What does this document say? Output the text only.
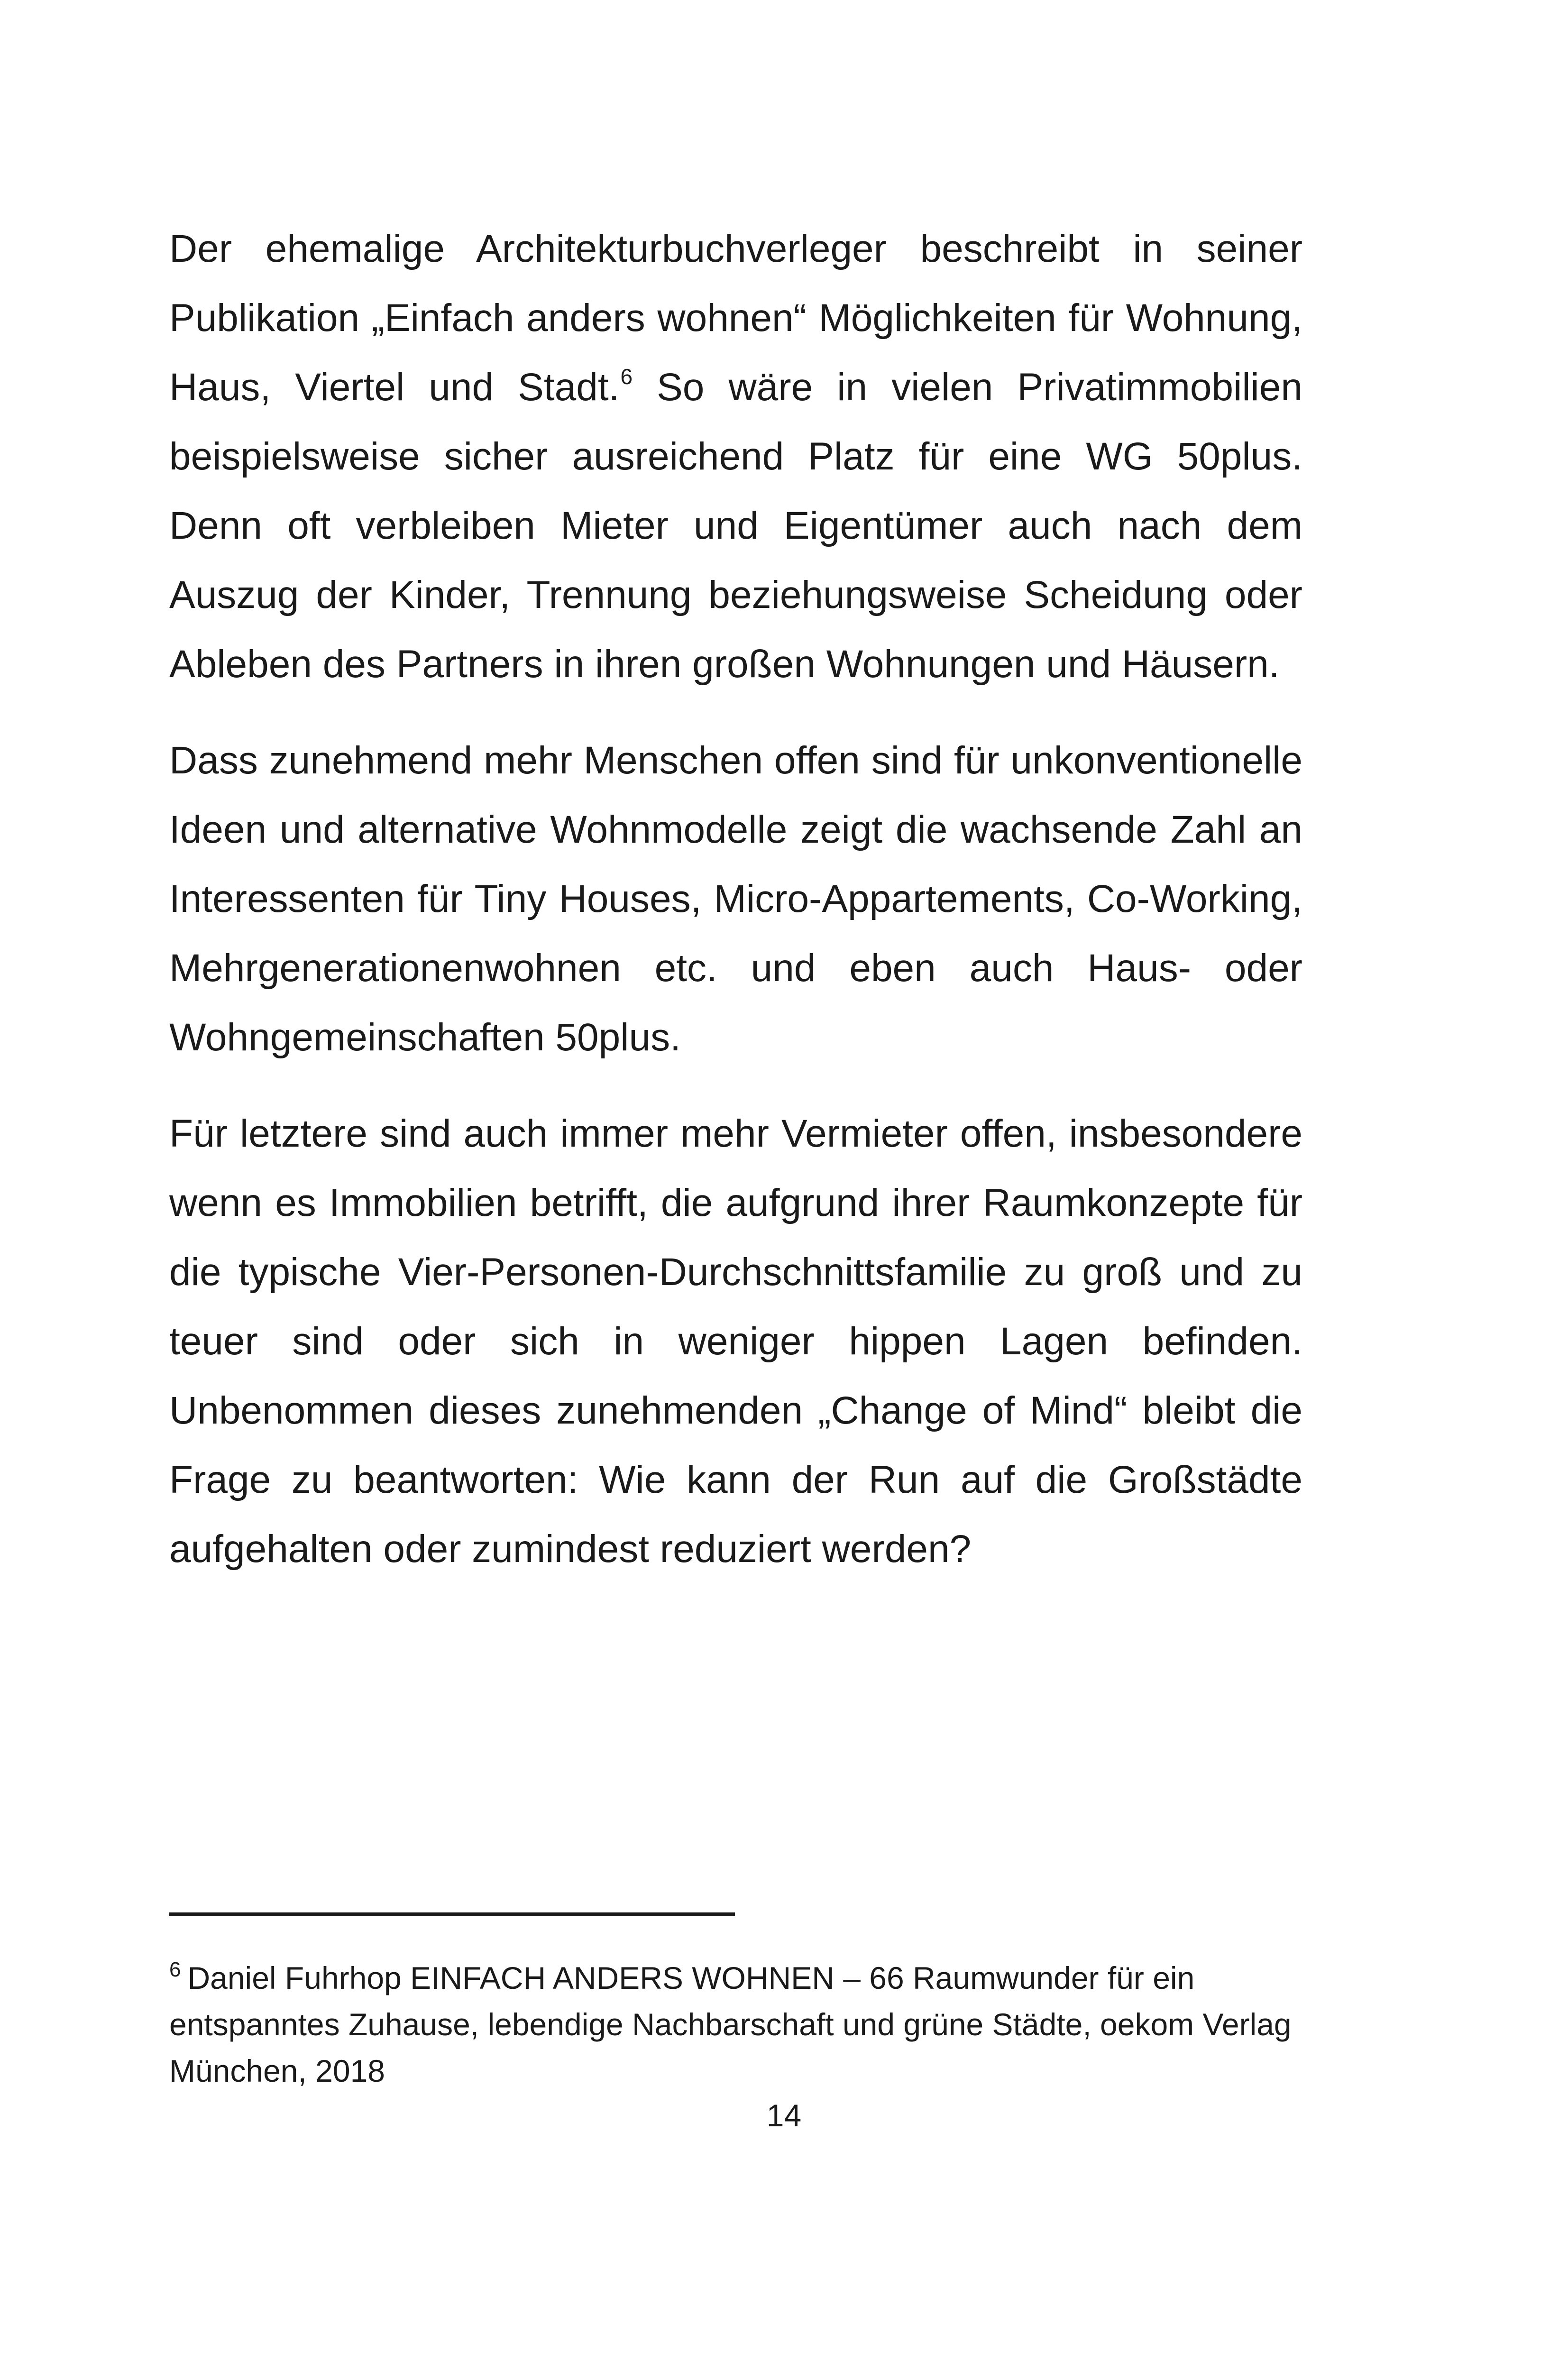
Der ehemalige Architekturbuchverleger beschreibt in seiner Publikation „Einfach anders wohnen“ Möglichkeiten für Wohnung, Haus, Viertel und Stadt.$^6$ So wäre in vielen Privatimmobilien beispielsweise sicher ausreichend Platz für eine WG 50plus. Denn oft verbleiben Mieter und Eigentümer auch nach dem Auszug der Kinder, Trennung beziehungsweise Scheidung oder Ableben des Partners in ihren großen Wohnungen und Häusern.

Dass zunehmend mehr Menschen offen sind für unkonventionelle Ideen und alternative Wohnmodelle zeigt die wachsende Zahl an Interessenten für Tiny Houses, Micro-Appartements, Co-Working, Mehrgenerationenwohnen etc. und eben auch Haus- oder Wohngemeinschaften 50plus.

Für letztere sind auch immer mehr Vermieter offen, insbesondere wenn es Immobilien betrifft, die aufgrund ihrer Raumkonzepte für die typische Vier-Personen-Durchschnittsfamilie zu groß und zu teuer sind oder sich in weniger hippen Lagen befinden. Unbenommen dieses zunehmenden „Change of Mind“ bleibt die Frage zu beantworten: Wie kann der Run auf die Großstädte aufgehalten oder zumindest reduziert werden?

$^6$ Daniel Fuhrhop EINFACH ANDERS WOHNEN – 66 Raumwunder für ein entspanntes Zuhause, lebendige Nachbarschaft und grüne Städte, oekom Verlag München, 2018

14
